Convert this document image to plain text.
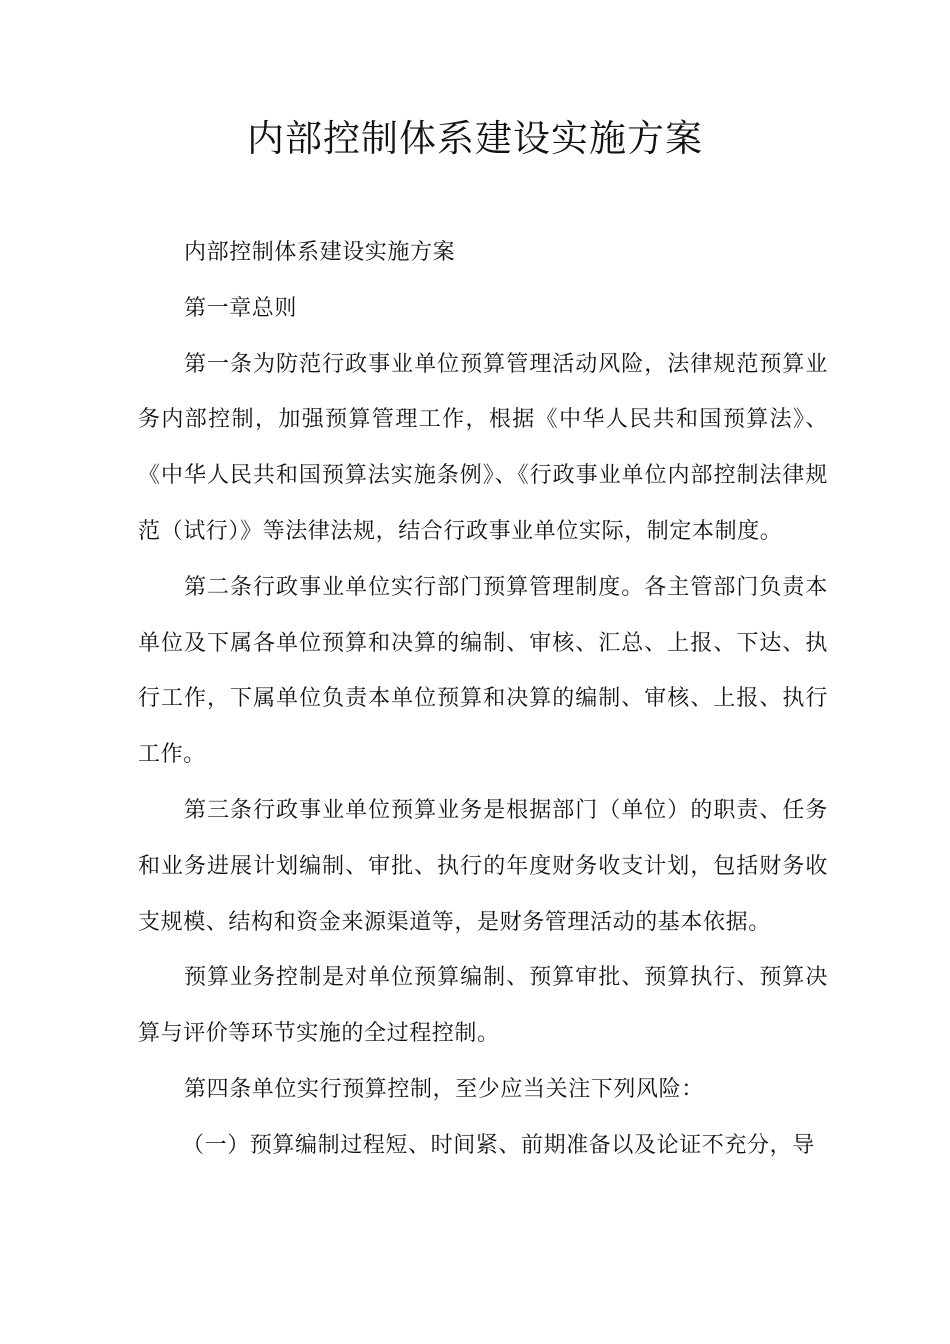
内部控制体系建设实施方案

内部控制体系建设实施方案

第一章总则

第一条为防范行政事业单位预算管理活动风险，法律规范预算业务内部控制，加强预算管理工作，根据《中华人民共和国预算法》、《中华人民共和国预算法实施条例》、《行政事业单位内部控制法律规范（试行）》等法律法规，结合行政事业单位实际，制定本制度。

第二条行政事业单位实行部门预算管理制度。各主管部门负责本单位及下属各单位预算和决算的编制、审核、汇总、上报、下达、执行工作，下属单位负责本单位预算和决算的编制、审核、上报、执行工作。

第三条行政事业单位预算业务是根据部门（单位）的职责、任务和业务进展计划编制、审批、执行的年度财务收支计划，包括财务收支规模、结构和资金来源渠道等，是财务管理活动的基本依据。

预算业务控制是对单位预算编制、预算审批、预算执行、预算决算与评价等环节实施的全过程控制。

第四条单位实行预算控制，至少应当关注下列风险：

（一）预算编制过程短、时间紧、前期准备以及论证不充分，导
